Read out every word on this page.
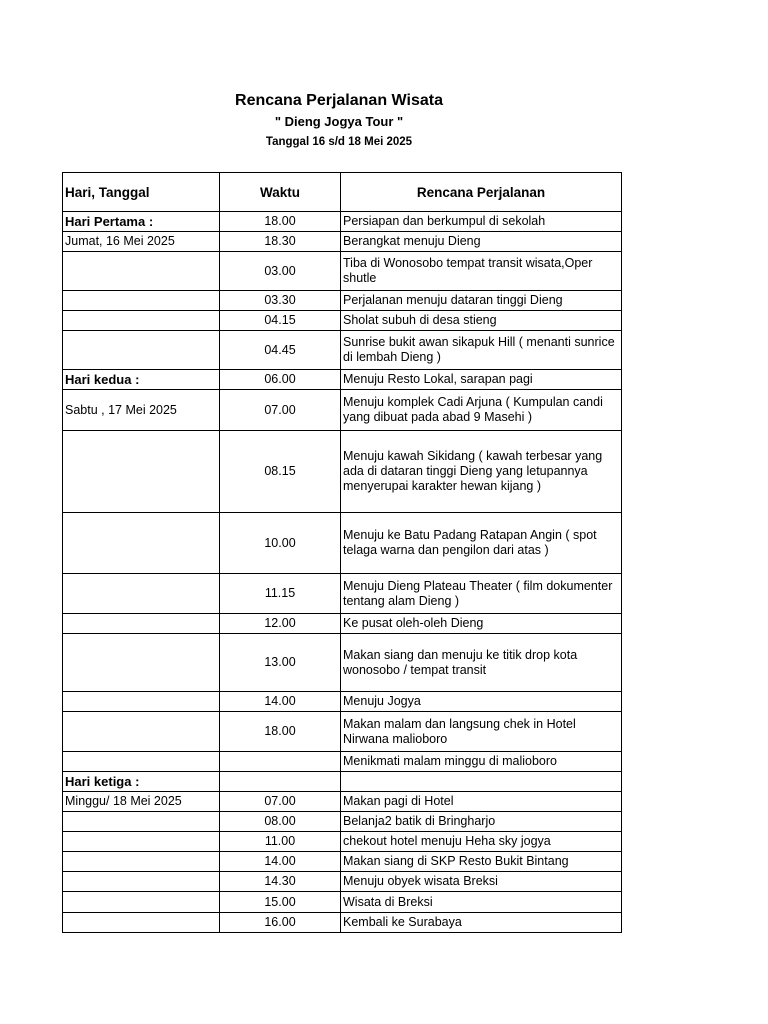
Rencana Perjalanan Wisata
" Dieng Jogya Tour "
Tanggal 16 s/d 18 Mei 2025
Hari, Tanggal	Waktu	Rencana Perjalanan
Hari Pertama :	18.00	Persiapan dan berkumpul di sekolah
Jumat, 16 Mei 2025	18.30	Berangkat menuju Dieng
	03.00	Tiba di Wonosobo tempat transit wisata,Oper shutle
	03.30	Perjalanan menuju dataran tinggi Dieng
	04.15	Sholat subuh di desa stieng
	04.45	Sunrise bukit awan sikapuk Hill ( menanti sunrice di lembah Dieng )
Hari kedua :	06.00	Menuju Resto Lokal, sarapan pagi
Sabtu , 17 Mei 2025	07.00	Menuju komplek Cadi Arjuna ( Kumpulan candi yang dibuat pada abad 9 Masehi )
	08.15	Menuju kawah Sikidang ( kawah terbesar yang ada di dataran tinggi Dieng yang letupannya menyerupai karakter hewan kijang )
	10.00	Menuju ke Batu Padang Ratapan Angin ( spot telaga warna dan pengilon dari atas )
	11.15	Menuju Dieng Plateau Theater ( film dokumenter tentang alam Dieng )
	12.00	Ke pusat oleh-oleh Dieng
	13.00	Makan siang dan menuju ke titik drop kota wonosobo / tempat transit
	14.00	Menuju Jogya
	18.00	Makan malam dan langsung chek in Hotel Nirwana malioboro
		Menikmati malam minggu di malioboro
Hari ketiga :		
Minggu/ 18 Mei 2025	07.00	Makan pagi di Hotel
	08.00	Belanja2 batik di Bringharjo
	11.00	chekout hotel menuju Heha sky jogya
	14.00	Makan siang di SKP Resto Bukit Bintang
	14.30	Menuju obyek wisata Breksi
	15.00	Wisata di Breksi
	16.00	Kembali ke Surabaya
